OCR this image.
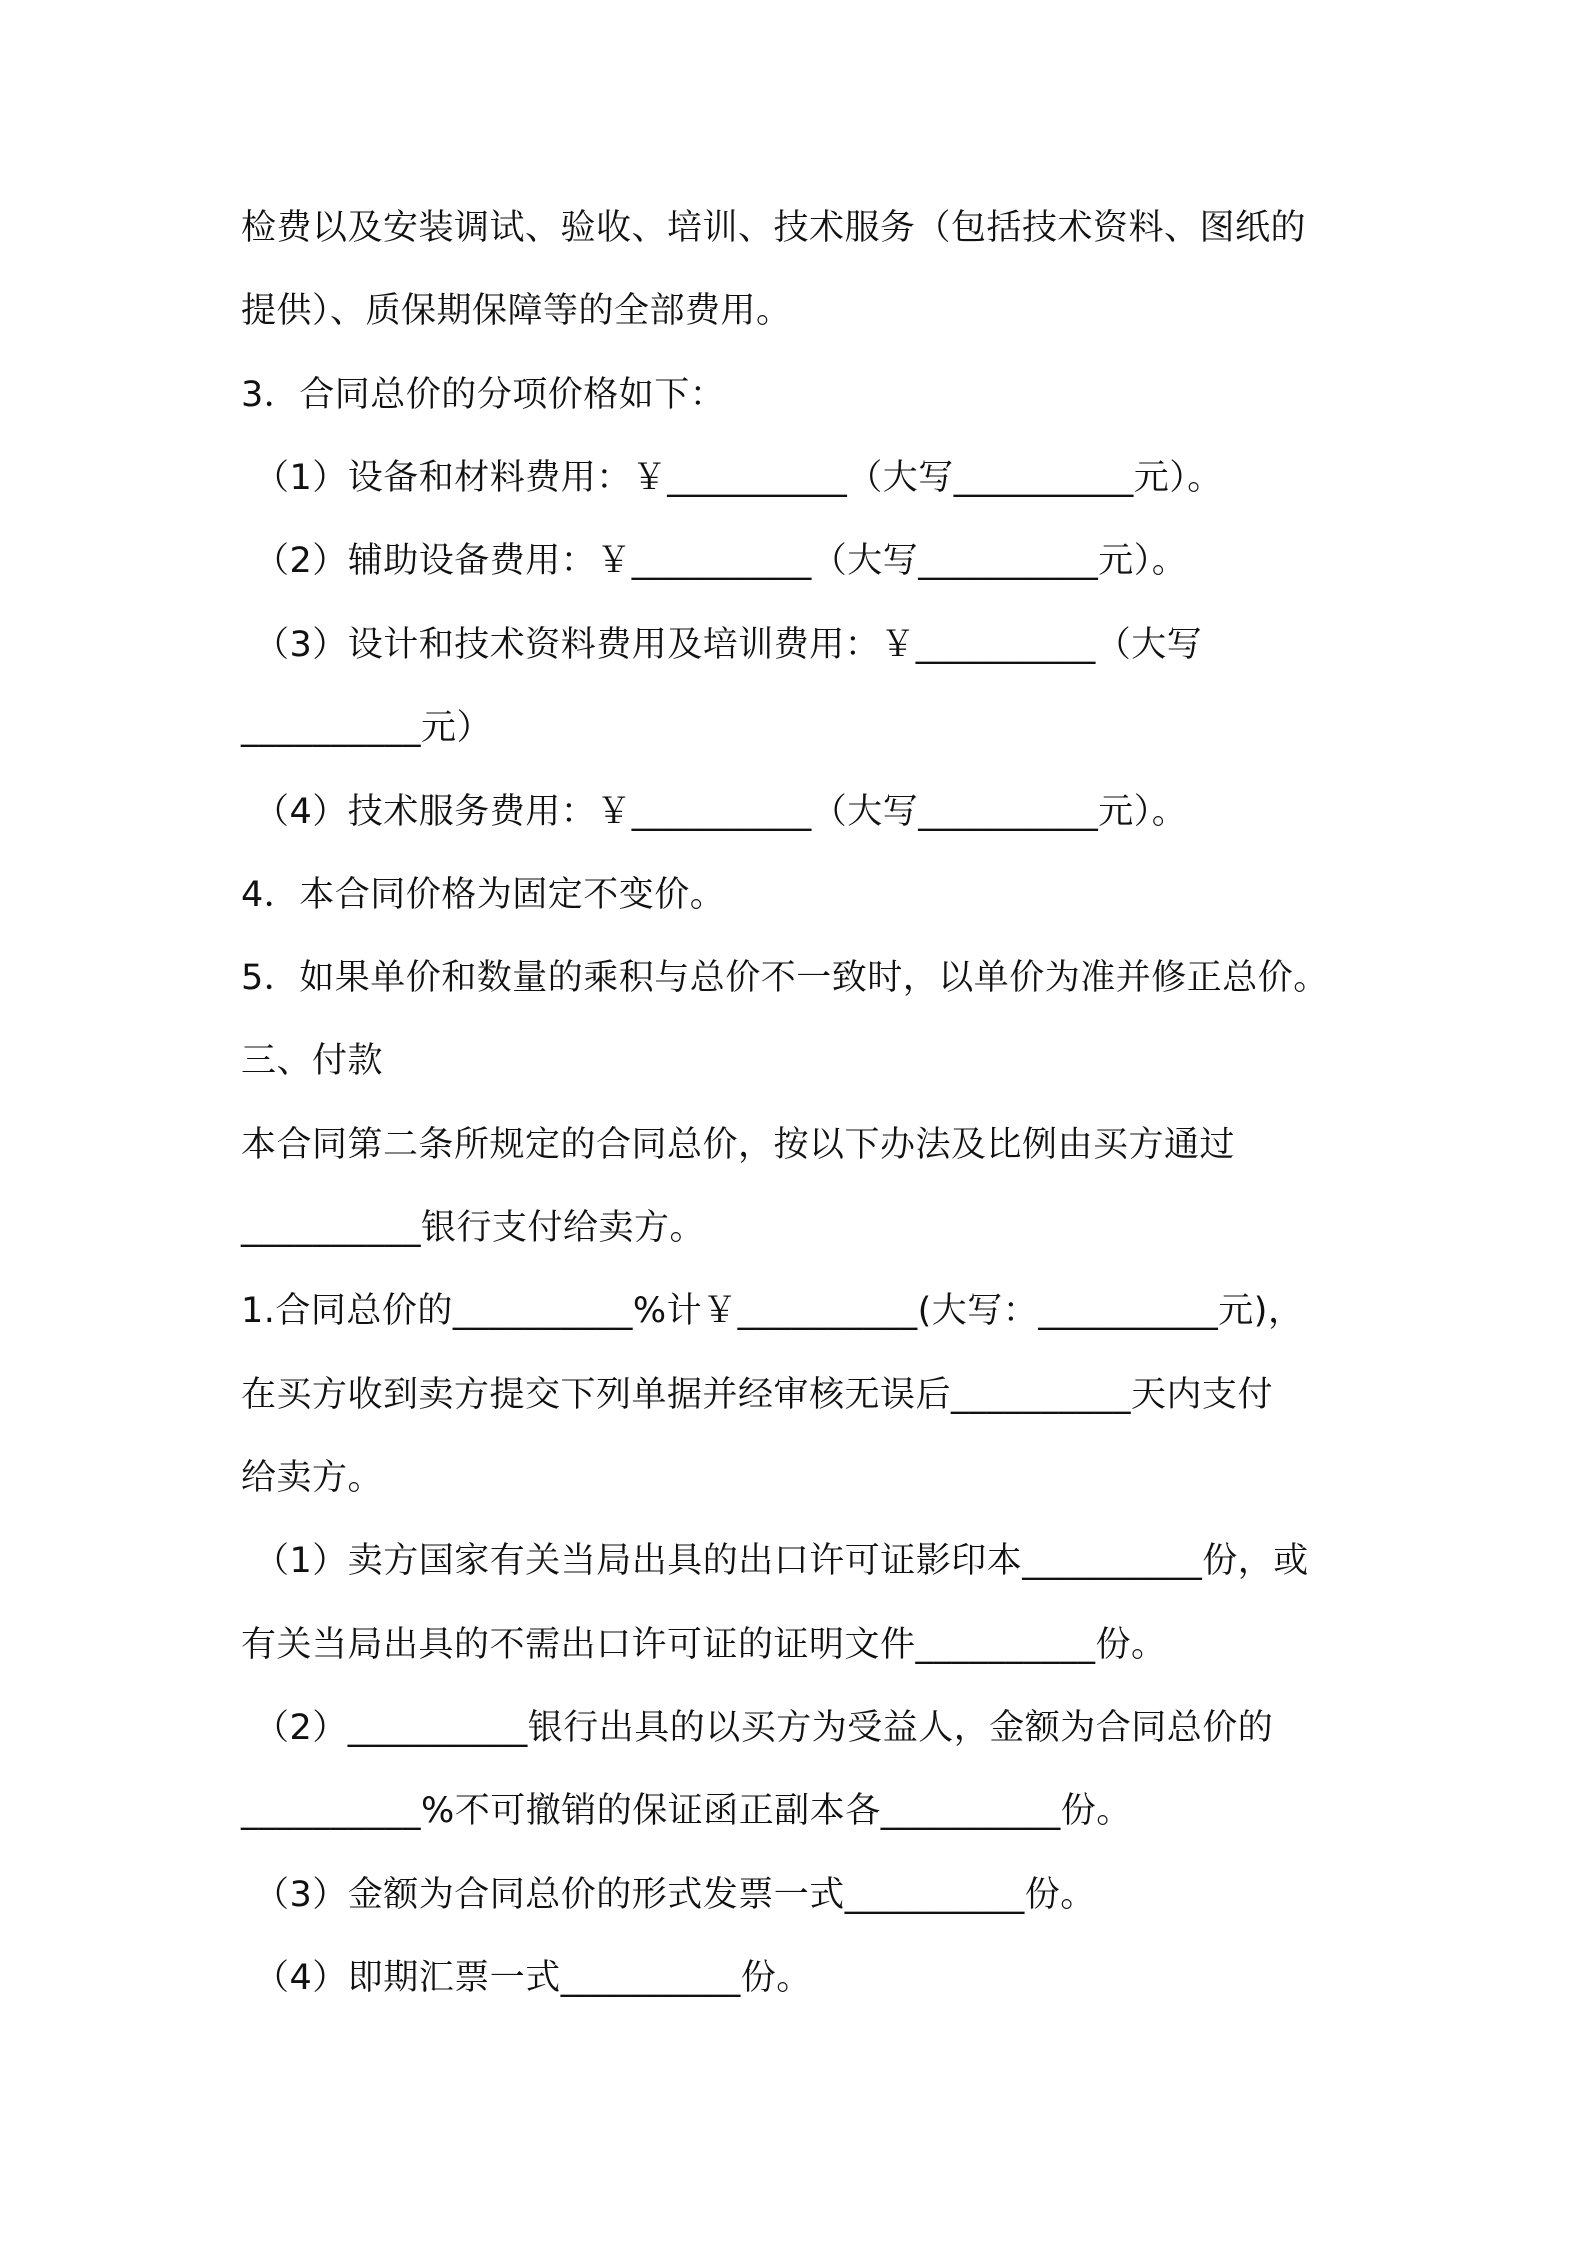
检费以及安装调试、验收、培训、技术服务（包括技术资料、图纸的
提供）、质保期保障等的全部费用。
3．合同总价的分项价格如下：
（1）设备和材料费用：￥__________（大写__________元）。
（2）辅助设备费用：￥__________（大写__________元）。
（3）设计和技术资料费用及培训费用：￥__________（大写
__________元）
（4）技术服务费用：￥__________（大写__________元）。
4．本合同价格为固定不变价。
5．如果单价和数量的乘积与总价不一致时，以单价为准并修正总价。
三、付款
本合同第二条所规定的合同总价，按以下办法及比例由买方通过
__________银行支付给卖方。
1.合同总价的__________%计￥__________(大写：__________元)，
在买方收到卖方提交下列单据并经审核无误后__________天内支付
给卖方。
（1）卖方国家有关当局出具的出口许可证影印本__________份，或
有关当局出具的不需出口许可证的证明文件__________份。
（2）__________银行出具的以买方为受益人，金额为合同总价的
__________%不可撤销的保证函正副本各__________份。
（3）金额为合同总价的形式发票一式__________份。
（4）即期汇票一式__________份。
